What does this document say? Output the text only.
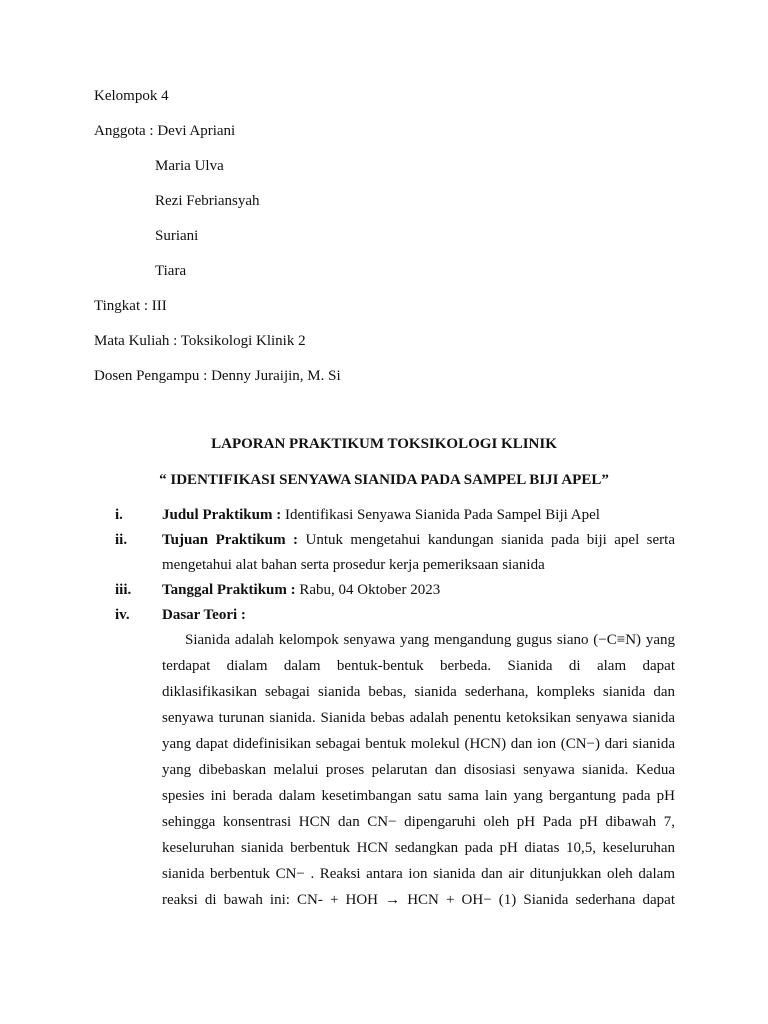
Kelompok 4
Anggota : Devi Apriani
Maria Ulva
Rezi Febriansyah
Suriani
Tiara
Tingkat : III
Mata Kuliah : Toksikologi Klinik 2
Dosen Pengampu : Denny Juraijin, M. Si
LAPORAN PRAKTIKUM TOKSIKOLOGI KLINIK
“ IDENTIFIKASI SENYAWA SIANIDA PADA SAMPEL BIJI APEL”
i.	Judul Praktikum : Identifikasi Senyawa Sianida Pada Sampel Biji Apel
ii. Tujuan Praktikum : Untuk mengetahui kandungan sianida pada biji apel serta
mengetahui alat bahan serta prosedur kerja pemeriksaan sianida
iii. Tanggal Praktikum : Rabu, 04 Oktober 2023
iv. Dasar Teori :
Sianida adalah kelompok senyawa yang mengandung gugus siano (−C≡N) yang
terdapat dialam dalam bentuk-bentuk berbeda. Sianida di alam dapat
diklasifikasikan sebagai sianida bebas, sianida sederhana, kompleks sianida dan
senyawa turunan sianida. Sianida bebas adalah penentu ketoksikan senyawa sianida
yang dapat didefinisikan sebagai bentuk molekul (HCN) dan ion (CN−) dari sianida
yang dibebaskan melalui proses pelarutan dan disosiasi senyawa sianida. Kedua
spesies ini berada dalam kesetimbangan satu sama lain yang bergantung pada pH
sehingga konsentrasi HCN dan CN− dipengaruhi oleh pH Pada pH dibawah 7,
keseluruhan sianida berbentuk HCN sedangkan pada pH diatas 10,5, keseluruhan
sianida berbentuk CN− . Reaksi antara ion sianida dan air ditunjukkan oleh dalam
reaksi di bawah ini: CN- + HOH → HCN + OH− (1) Sianida sederhana dapat
